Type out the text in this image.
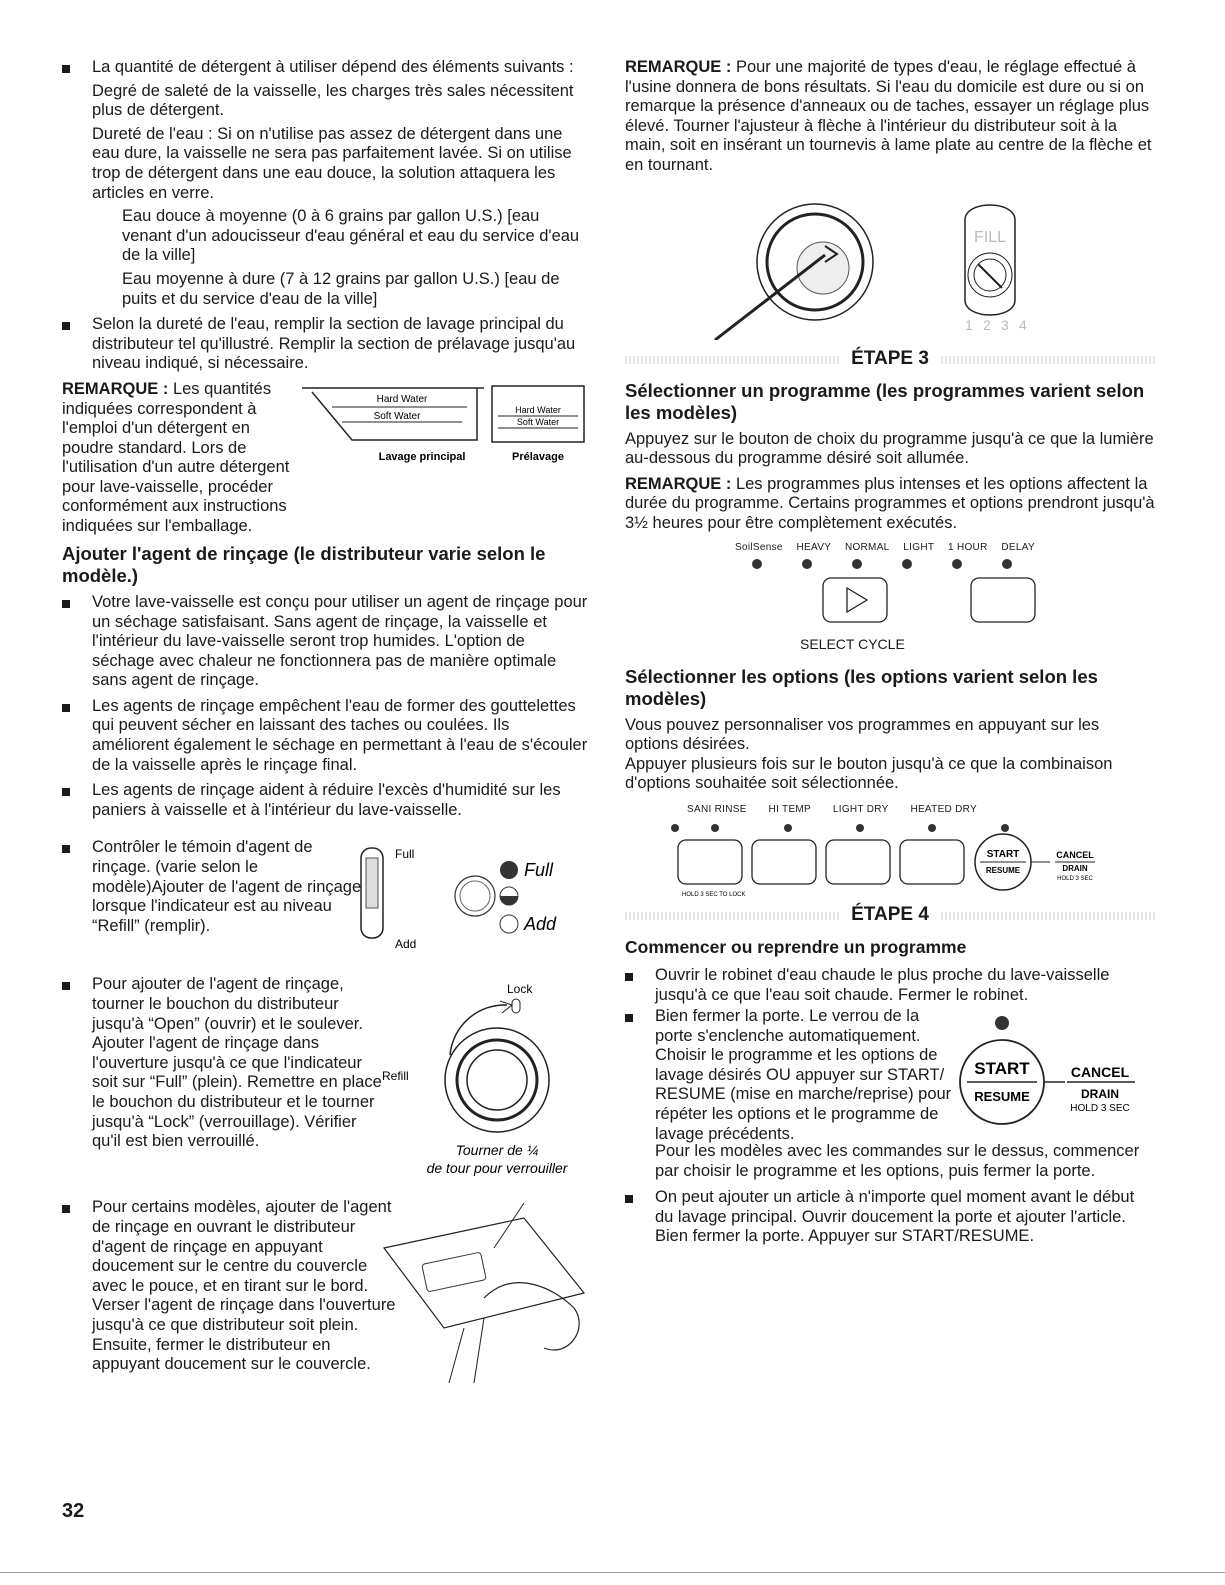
La quantité de détergent à utiliser dépend des éléments suivants :

Degré de saleté de la vaisselle, les charges très sales nécessitent plus de détergent.

Dureté de l'eau : Si on n'utilise pas assez de détergent dans une eau dure, la vaisselle ne sera pas parfaitement lavée. Si on utilise trop de détergent dans une eau douce, la solution attaquera les articles en verre.

Eau douce à moyenne (0 à 6 grains par gallon U.S.) [eau venant d'un adoucisseur d'eau général et eau du service d'eau de la ville]

Eau moyenne à dure (7 à 12 grains par gallon U.S.) [eau de puits et du service d'eau de la ville]

Selon la dureté de l'eau, remplir la section de lavage principal du distributeur tel qu'illustré. Remplir la section de prélavage jusqu'au niveau indiqué, si nécessaire.

Hard Water
Soft Water
Hard Water
Soft Water
Lavage principal	Prélavage

REMARQUE : Les quantités indiquées correspondent à l'emploi d'un détergent en poudre standard. Lors de l'utilisation d'un autre détergent pour lave-vaisselle, procéder conformément aux instructions indiquées sur l'emballage.

Ajouter l'agent de rinçage (le distributeur varie selon le modèle.)

Votre lave-vaisselle est conçu pour utiliser un agent de rinçage pour un séchage satisfaisant. Sans agent de rinçage, la vaisselle et l'intérieur du lave-vaisselle seront trop humides. L'option de séchage avec chaleur ne fonctionnera pas de manière optimale sans agent de rinçage.

Les agents de rinçage empêchent l'eau de former des gouttelettes qui peuvent sécher en laissant des taches ou coulées. Ils améliorent également le séchage en permettant à l'eau de s'écouler de la vaisselle après le rinçage final.

Les agents de rinçage aident à réduire l'excès d'humidité sur les paniers à vaisselle et à l'intérieur du lave-vaisselle.

Contrôler le témoin d'agent de rinçage. (varie selon le modèle)Ajouter de l'agent de rinçage lorsque l'indicateur est au niveau “Refill” (remplir).

Full
Add
Full
Add

Pour ajouter de l'agent de rinçage, tourner le bouchon du distributeur jusqu'à “Open” (ouvrir) et le soulever. Ajouter l'agent de rinçage dans l'ouverture jusqu'à ce que l'indicateur soit sur “Full” (plein). Remettre en place le bouchon du distributeur et le tourner jusqu'à “Lock” (verrouillage). Vérifier qu'il est bien verrouillé.

Lock
Refill
Tourner de ¼
de tour pour verrouiller

Pour certains modèles, ajouter de l'agent de rinçage en ouvrant le distributeur d'agent de rinçage en appuyant doucement sur le centre du couvercle avec le pouce, et en tirant sur le bord. Verser l'agent de rinçage dans l'ouverture jusqu'à ce que distributeur soit plein. Ensuite, fermer le distributeur en appuyant doucement sur le couvercle.

REMARQUE : Pour une majorité de types d'eau, le réglage effectué à l'usine donnera de bons résultats. Si l'eau du domicile est dure ou si on remarque la présence d'anneaux ou de taches, essayer un réglage plus élevé. Tourner l'ajusteur à flèche à l'intérieur du distributeur soit à la main, soit en insérant un tournevis à lame plate au centre de la flèche et en tournant.

FILL
1 2 3 4
ÉTAPE 3
Sélectionner un programme (les programmes varient selon les modèles)

Appuyez sur le bouton de choix du programme jusqu'à ce que la lumière au-dessous du programme désiré soit allumée.

REMARQUE : Les programmes plus intenses et les options affectent la durée du programme. Certains programmes et options prendront jusqu'à 3½ heures pour être complètement exécutés.

SoilSense HEAVY NORMAL LIGHT 1 HOUR DELAY
SELECT CYCLE
Sélectionner les options (les options varient selon les modèles)

Vous pouvez personnaliser vos programmes en appuyant sur les options désirées.

Appuyer plusieurs fois sur le bouton jusqu'à ce que la combinaison d'options souhaitée soit sélectionnée.

SANI RINSE HI TEMP LIGHT DRY HEATED DRY
START
RESUME
CANCEL
DRAIN
HOLD 3 SEC
HOLD 3 SEC TO LOCK
ÉTAPE 4
Commencer ou reprendre un programme

Ouvrir le robinet d'eau chaude le plus proche du lave-vaisselle jusqu'à ce que l'eau soit chaude. Fermer le robinet.

Bien fermer la porte. Le verrou de la porte s'enclenche automatiquement. Choisir le programme et les options de lavage désirés OU appuyer sur START/ RESUME (mise en marche/reprise) pour répéter les options et le programme de lavage précédents.

START
RESUME
CANCEL
DRAIN
HOLD 3 SEC

Pour les modèles avec les commandes sur le dessus, commencer par choisir le programme et les options, puis fermer la porte.

On peut ajouter un article à n'importe quel moment avant le début du lavage principal. Ouvrir doucement la porte et ajouter l'article. Bien fermer la porte. Appuyer sur START/RESUME.

32
